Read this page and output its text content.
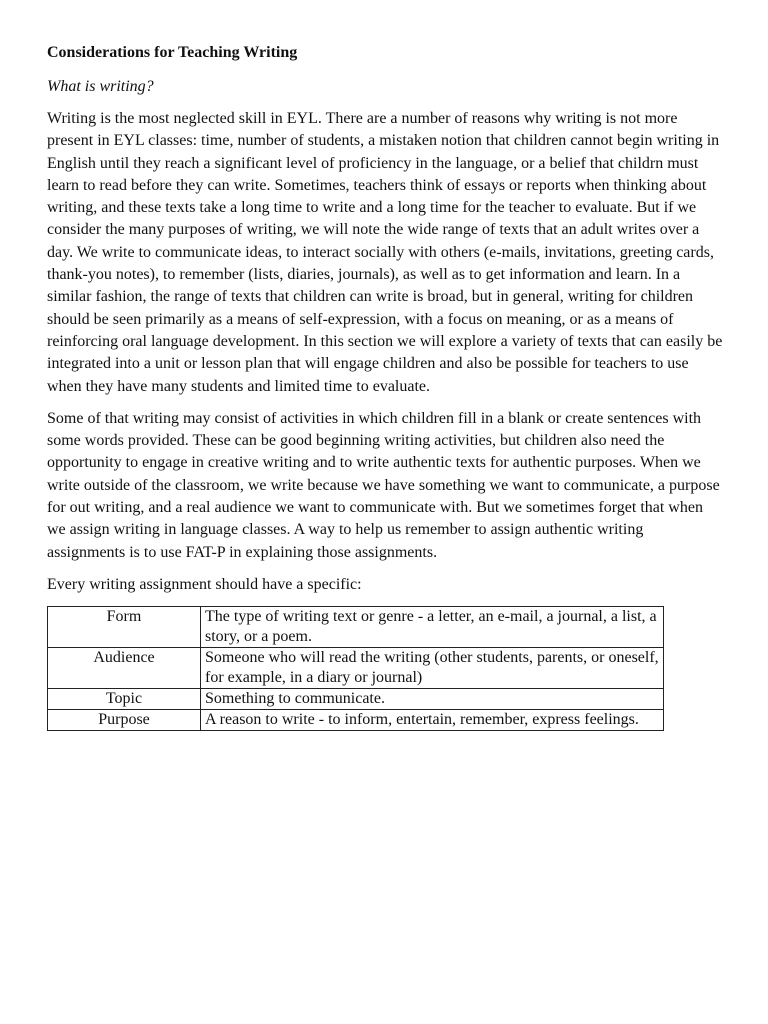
Considerations for Teaching Writing
What is writing?

Writing is the most neglected skill in EYL. There are a number of reasons why writing is not more present in EYL classes: time, number of students, a mistaken notion that children cannot begin writing in English until they reach a significant level of proficiency in the language, or a belief that childrn must learn to read before they can write. Sometimes, teachers think of essays or reports when thinking about writing, and these texts take a long time to write and a long time for the teacher to evaluate. But if we consider the many purposes of writing, we will note the wide range of texts that an adult writes over a day. We write to communicate ideas, to interact socially with others (e-mails, invitations, greeting cards, thank-you notes), to remember (lists, diaries, journals), as well as to get information and learn. In a similar fashion, the range of texts that children can write is broad, but in general, writing for children should be seen primarily as a means of self-expression, with a focus on meaning, or as a means of reinforcing oral language development. In this section we will explore a variety of texts that can easily be integrated into a unit or lesson plan that will engage children and also be possible for teachers to use when they have many students and limited time to evaluate.

Some of that writing may consist of activities in which children fill in a blank or create sentences with some words provided. These can be good beginning writing activities, but children also need the opportunity to engage in creative writing and to write authentic texts for authentic purposes. When we write outside of the classroom, we write because we have something we want to communicate, a purpose for out writing, and a real audience we want to communicate with. But we sometimes forget that when we assign writing in language classes. A way to help us remember to assign authentic writing assignments is to use FAT-P in explaining those assignments.

Every writing assignment should have a specific:

Form	The type of writing text or genre - a letter, an e-mail, a journal, a list, a story, or a poem.
Audience	Someone who will read the writing (other students, parents, or oneself, for example, in a diary or journal)
Topic	Something to communicate.
Purpose	A reason to write - to inform, entertain, remember, express feelings.
